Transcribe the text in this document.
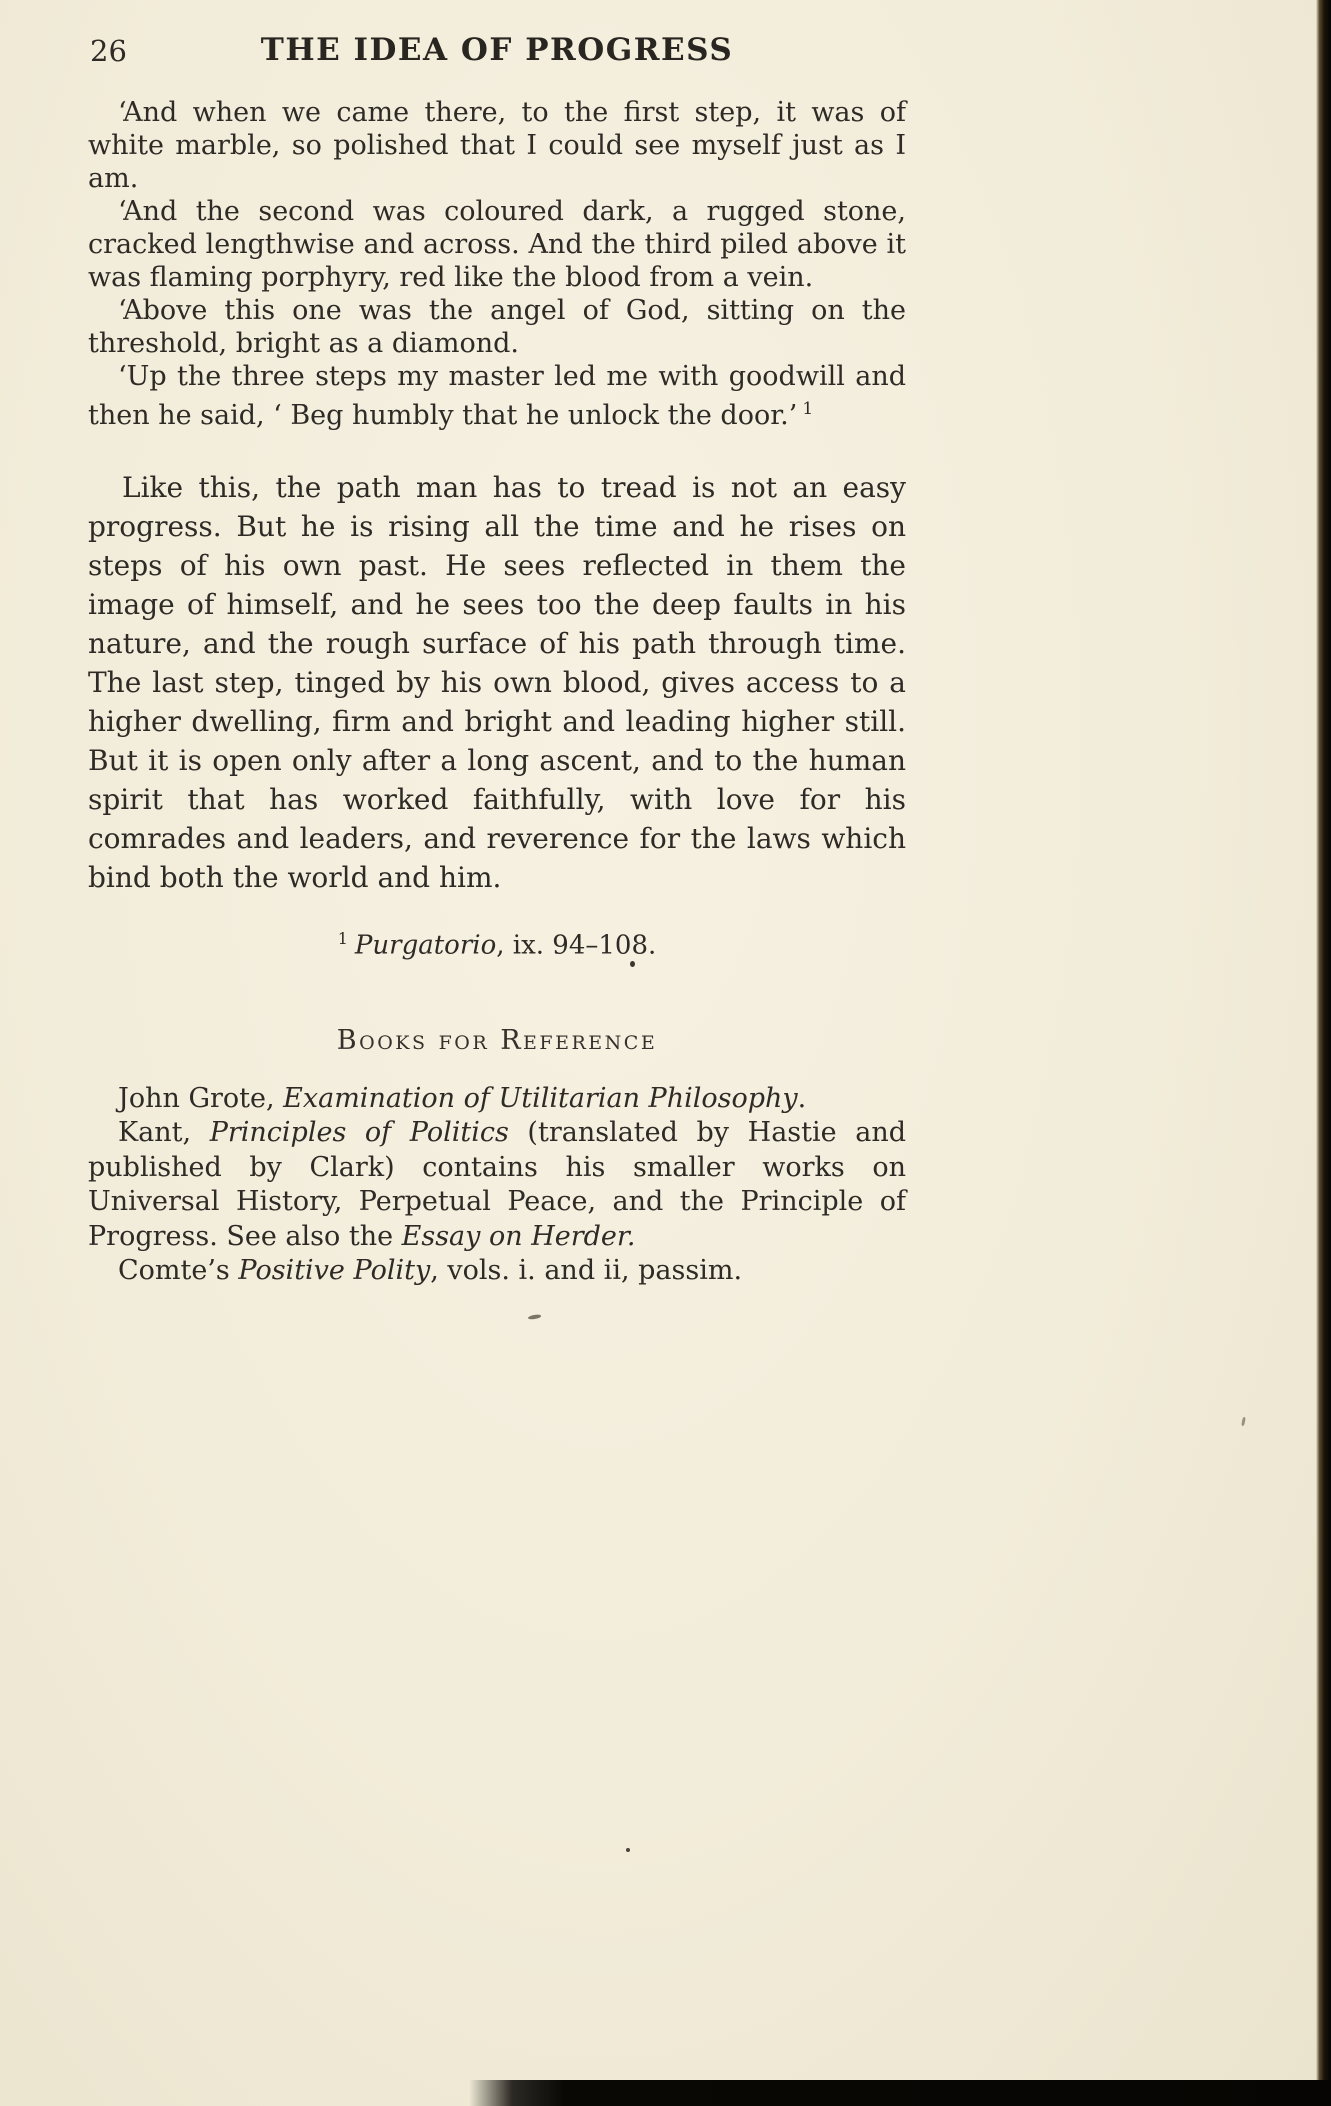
26	THE IDEA OF PROGRESS

‘And when we came there, to the first step, it was of white marble, so polished that I could see myself just as I am.

‘And the second was coloured dark, a rugged stone, cracked lengthwise and across. And the third piled above it was flaming porphyry, red like the blood from a vein.

‘Above this one was the angel of God, sitting on the threshold, bright as a diamond.

‘Up the three steps my master led me with goodwill and then he said, ‘ Beg humbly that he unlock the door.’ $^1$

Like this, the path man has to tread is not an easy progress. But he is rising all the time and he rises on steps of his own past. He sees reflected in them the image of himself, and he sees too the deep faults in his nature, and the rough surface of his path through time. The last step, tinged by his own blood, gives access to a higher dwelling, firm and bright and leading higher still. But it is open only after a long ascent, and to the human spirit that has worked faithfully, with love for his comrades and leaders, and reverence for the laws which bind both the world and him.

$^1$ Purgatorio, ix. 94–108.

Books for Reference

John Grote, Examination of Utilitarian Philosophy.

Kant, Principles of Politics (translated by Hastie and published by Clark) contains his smaller works on Universal History, Perpetual Peace, and the Principle of Progress. See also the Essay on Herder.

Comte’s Positive Polity, vols. i. and ii, passim.
